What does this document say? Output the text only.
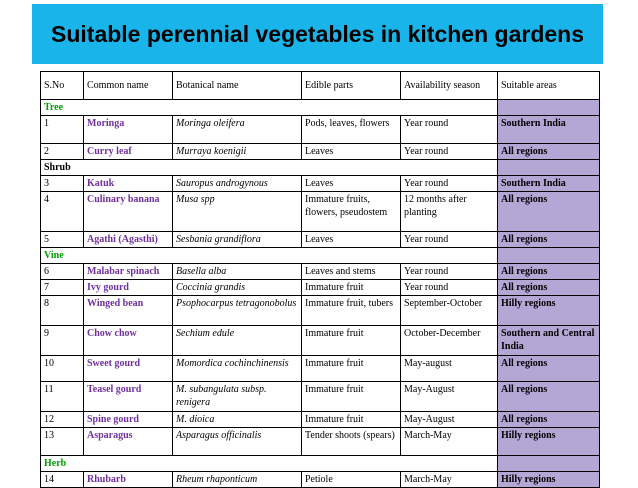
Suitable perennial vegetables in kitchen gardens
S.No	Common name	Botanical name	Edible parts	Availability season	Suitable areas
Tree					
1	Moringa	Moringa oleifera	Pods, leaves, flowers	Year round	Southern India
2	Curry leaf	Murraya koenigii	Leaves	Year round	All regions
Shrub					
3	Katuk	Sauropus androgynous	Leaves	Year round	Southern India
4	Culinary banana	Musa spp	Immature fruits, flowers, pseudostem	12 months after planting	All regions
5	Agathi (Agasthi)	Sesbania grandiflora	Leaves	Year round	All regions
Vine					
6	Malabar spinach	Basella alba	Leaves and stems	Year round	All regions
7	Ivy gourd	Coccinia grandis	Immature fruit	Year round	All regions
8	Winged bean	Psophocarpus tetragonobolus	Immature fruit, tubers	September-October	Hilly regions
9	Chow chow	Sechium edule	Immature fruit	October-December	Southern and Central India
10	Sweet gourd	Momordica cochinchinensis	Immature fruit	May-august	All regions
11	Teasel gourd	M. subangulata subsp. renigera	Immature fruit	May-August	All regions
12	Spine gourd	M. dioica	Immature fruit	May-August	All regions
13	Asparagus	Asparagus officinalis	Tender shoots (spears)	March-May	Hilly regions
Herb					
14	Rhubarb	Rheum rhaponticum	Petiole	March-May	Hilly regions
